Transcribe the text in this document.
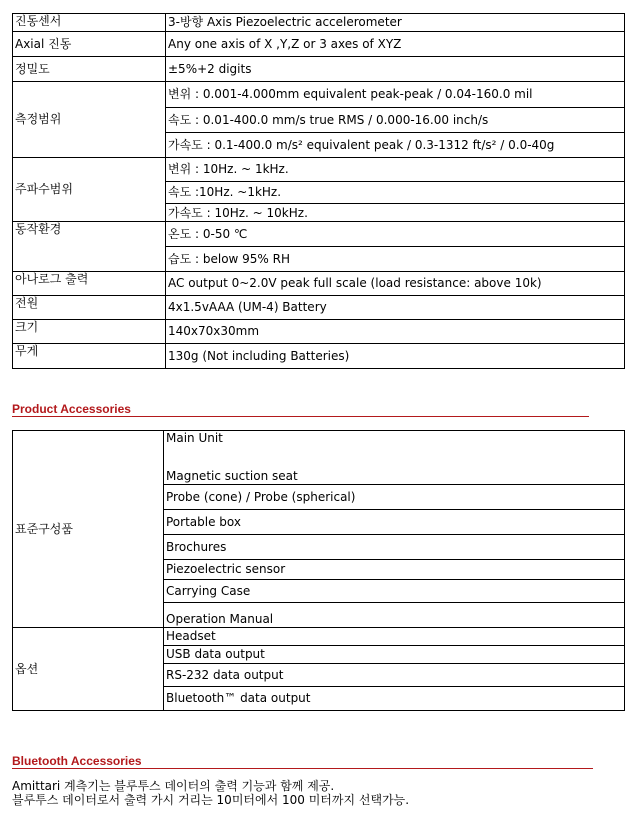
진동센서	3-방향 Axis Piezoelectric accelerometer
Axial 진동	Any one axis of X ,Y,Z or 3 axes of XYZ
정밀도	±5%+2 digits
측정범위	변위 : 0.001-4.000mm equivalent peak-peak / 0.04-160.0 mil
	속도 : 0.01-400.0 mm/s true RMS / 0.000-16.00 inch/s
	가속도 : 0.1-400.0 m/s² equivalent peak / 0.3-1312 ft/s² / 0.0-40g
주파수범위	변위 : 10Hz. ~ 1kHz.
	속도 :10Hz. ~1kHz.
	가속도 : 10Hz. ~ 10kHz.
동작환경	온도 : 0-50 ℃
	습도 : below 95% RH
아나로그 출력	AC output 0~2.0V peak full scale (load resistance: above 10k)
전원	4x1.5vAAA (UM-4) Battery
크기	140x70x30mm
무게	130g (Not including Batteries)
Product Accessories
표준구성품	Main Unit
	Magnetic suction seat
	Probe (cone) / Probe (spherical)
	Portable box
	Brochures
	Piezoelectric sensor
	Carrying Case
	Operation Manual
옵션	Headset
	USB data output
	RS-232 data output
	Bluetooth™ data output
Bluetooth Accessories
Amittari 계측기는 블루투스 데이터의 출력 기능과 함께 제공.
블루투스 데이터로서 출력 가시 거리는 10미터에서 100 미터까지 선택가능.
